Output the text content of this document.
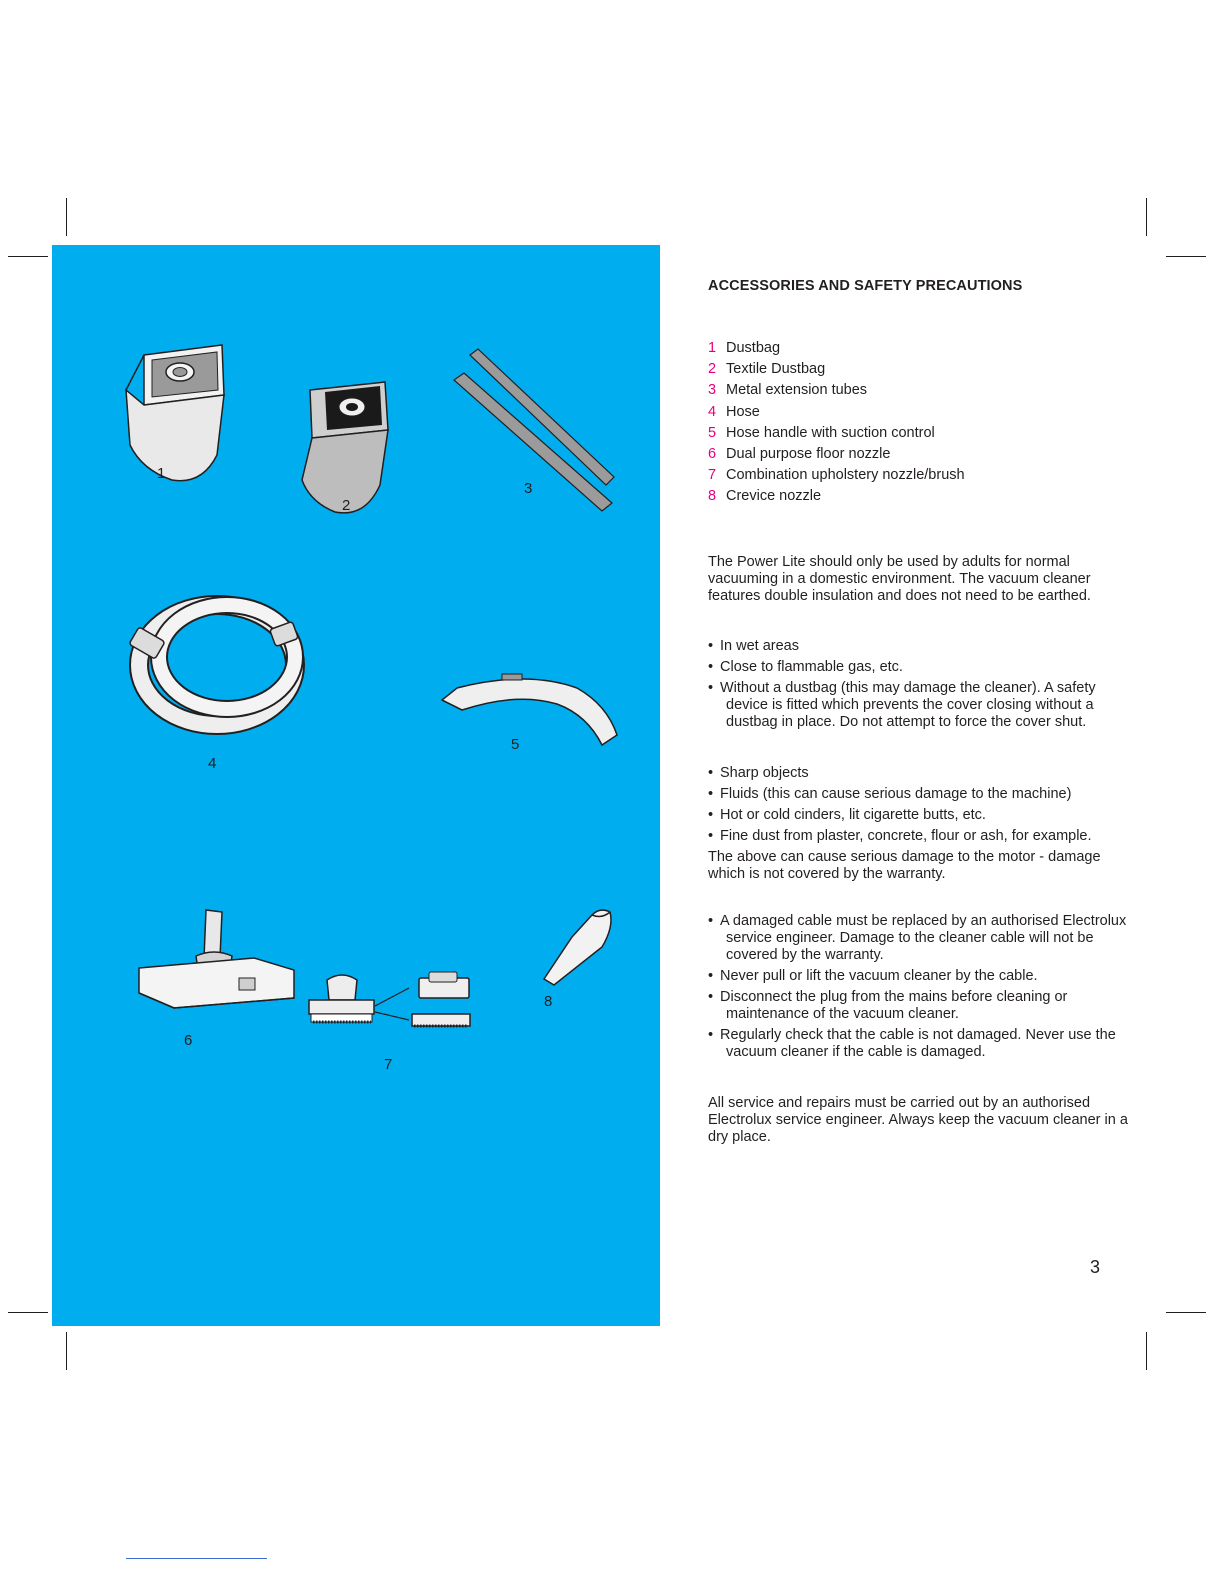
1
2
3
4
5
6
7
8
ACCESSORIES AND SAFETY PRECAUTIONS
1 Dustbag
2 Textile Dustbag
3 Metal extension tubes
4 Hose
5 Hose handle with suction control
6 Dual purpose floor nozzle
7 Combination upholstery nozzle/brush
8 Crevice nozzle

The Power Lite should only be used by adults for normal vacuuming in a domestic environment. The vacuum cleaner features double insulation and does not need to be earthed.

• In wet areas
• Close to flammable gas, etc.
• Without a dustbag (this may damage the cleaner). A safety device is fitted which prevents the cover closing without a dustbag in place. Do not attempt to force the cover shut.
• Sharp objects
• Fluids (this can cause serious damage to the machine)
• Hot or cold cinders, lit cigarette butts, etc.
• Fine dust from plaster, concrete, flour or ash, for example.

The above can cause serious damage to the motor - damage which is not covered by the warranty.

• A damaged cable must be replaced by an authorised Electrolux service engineer. Damage to the cleaner cable will not be covered by the warranty.
• Never pull or lift the vacuum cleaner by the cable.
• Disconnect the plug from the mains before cleaning or maintenance of the vacuum cleaner.
• Regularly check that the cable is not damaged. Never use the vacuum cleaner if the cable is damaged.

All service and repairs must be carried out by an authorised Electrolux service engineer. Always keep the vacuum cleaner in a dry place.

3
